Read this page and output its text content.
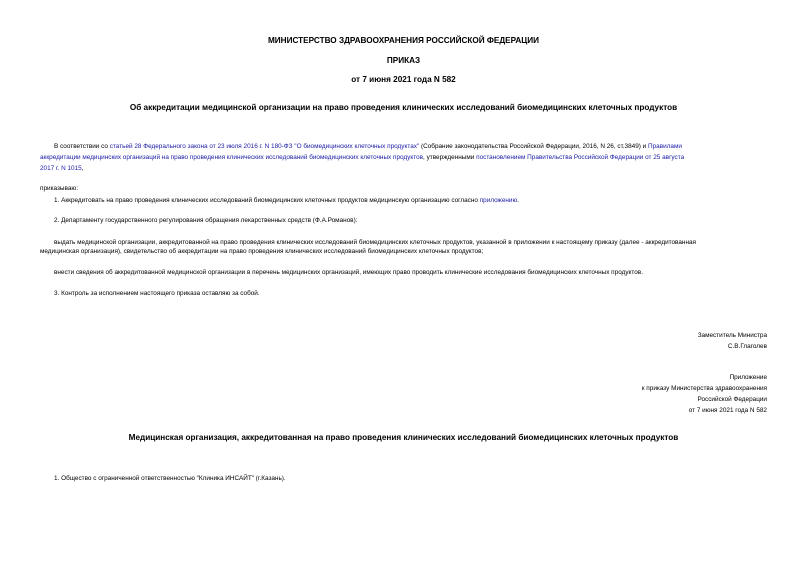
МИНИСТЕРСТВО ЗДРАВООХРАНЕНИЯ РОССИЙСКОЙ ФЕДЕРАЦИИ
ПРИКАЗ
от 7 июня 2021 года N 582
Об аккредитации медицинской организации на право проведения клинических исследований биомедицинских клеточных продуктов
В соответствии со статьей 28 Федерального закона от 23 июля 2016 г. N 180-ФЗ "О биомедицинских клеточных продуктах" (Собрание законодательства Российской Федерации, 2016, N 26, ст.3849) и Правилами
аккредитации медицинских организаций на право проведения клинических исследований биомедицинских клеточных продуктов, утвержденными постановлением Правительства Российской Федерации от 25 августа
2017 г. N 1015,
приказываю:
1. Аккредитовать на право проведения клинических исследований биомедицинских клеточных продуктов медицинскую организацию согласно приложению.
2. Департаменту государственного регулирования обращения лекарственных средств (Ф.А.Романов):
выдать медицинской организации, аккредитованной на право проведения клинических исследований биомедицинских клеточных продуктов, указанной в приложении к настоящему приказу (далее - аккредитованная
медицинская организация), свидетельство об аккредитации на право проведения клинических исследований биомедицинских клеточных продуктов;
внести сведения об аккредитованной медицинской организации в перечень медицинских организаций, имеющих право проводить клинические исследования биомедицинских клеточных продуктов.
3. Контроль за исполнением настоящего приказа оставляю за собой.
Заместитель Министра
С.В.Глаголев
Приложение
к приказу Министерства здравоохранения
Российской Федерации
от 7 июня 2021 года N 582
Медицинская организация, аккредитованная на право проведения клинических исследований биомедицинских клеточных продуктов
1. Общество с ограниченной ответственностью "Клиника ИНСАЙТ" (г.Казань).
